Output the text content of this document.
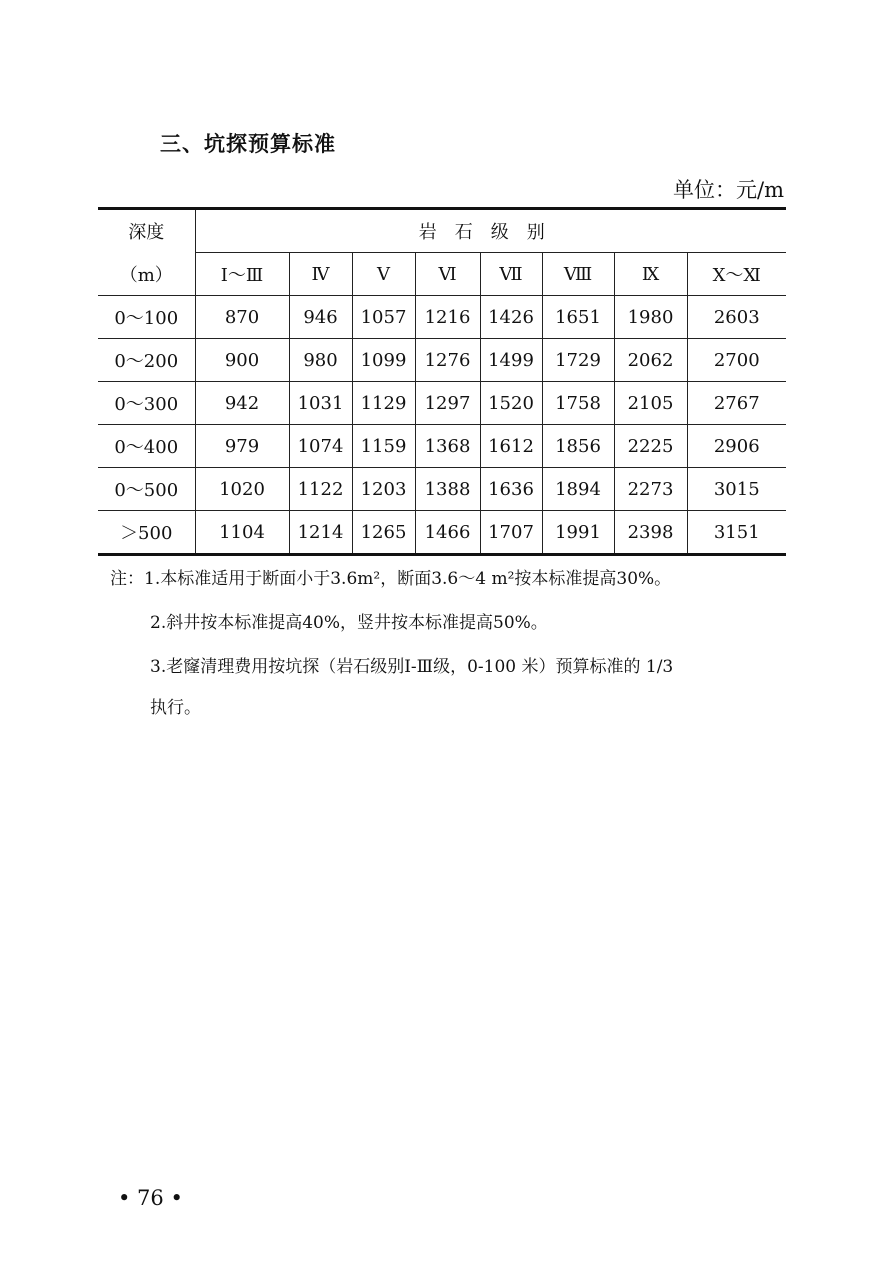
三、坑探预算标准
单位：元/m
深度	岩石级别							
（m）	Ⅰ～Ⅲ	Ⅳ	Ⅴ	Ⅵ	Ⅶ	Ⅷ	Ⅸ	Ⅹ～Ⅺ
0～100	870	946	1057	1216	1426	1651	1980	2603
0～200	900	980	1099	1276	1499	1729	2062	2700
0～300	942	1031	1129	1297	1520	1758	2105	2767
0～400	979	1074	1159	1368	1612	1856	2225	2906
0～500	1020	1122	1203	1388	1636	1894	2273	3015
＞500	1104	1214	1265	1466	1707	1991	2398	3151
注：1.本标准适用于断面小于3.6m²，断面3.6～4 m²按本标准提高30%。
2.斜井按本标准提高40%，竖井按本标准提高50%。
3.老窿清理费用按坑探（岩石级别Ⅰ-Ⅲ级，0-100 米）预算标准的 1/3
执行。
• 76 •
